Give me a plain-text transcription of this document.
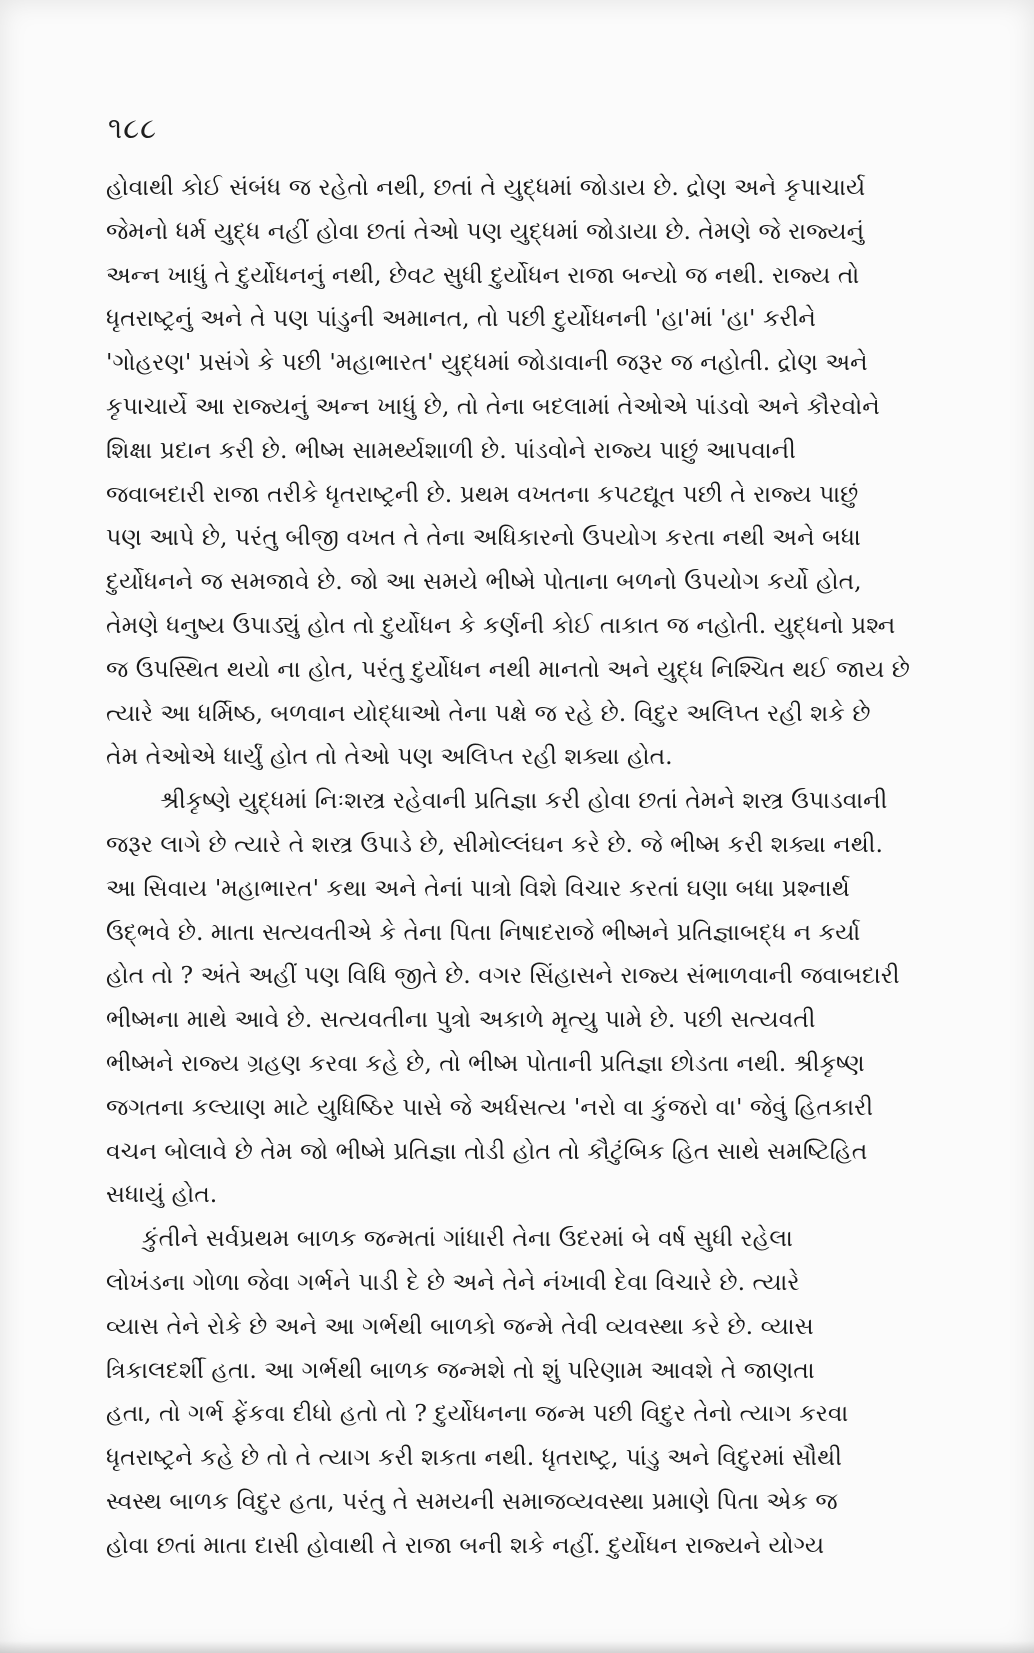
૧૮૮
હોવાથી કોઈ સંબંધ જ રહેતો નથી, છતાં તે યુદ્ધમાં જોડાય છે. દ્રોણ અને કૃપાચાર્ય
જેમનો ધર્મ યુદ્ધ નહીં હોવા છતાં તેઓ પણ યુદ્ધમાં જોડાયા છે. તેમણે જે રાજ્યનું
અન્ન ખાધું તે દુર્યોધનનું નથી, છેવટ સુધી દુર્યોધન રાજા બન્યો જ નથી. રાજ્ય તો
ધૃતરાષ્ટ્રનું અને તે પણ પાંડુની અમાનત, તો પછી દુર્યોધનની 'હા'માં 'હા' કરીને
'ગોહરણ' પ્રસંગે કે પછી 'મહાભારત' યુદ્ધમાં જોડાવાની જરૂર જ નહોતી. દ્રોણ અને
કૃપાચાર્યે આ રાજ્યનું અન્ન ખાધું છે, તો તેના બદલામાં તેઓએ પાંડવો અને કૌરવોને
શિક્ષા પ્રદાન કરી છે. ભીષ્મ સામર્થ્યશાળી છે. પાંડવોને રાજ્ય પાછું આપવાની
જવાબદારી રાજા તરીકે ધૃતરાષ્ટ્રની છે. પ્રથમ વખતના કપટદ્યૂત પછી તે રાજ્ય પાછું
પણ આપે છે, પરંતુ બીજી વખત તે તેના અધિકારનો ઉપયોગ કરતા નથી અને બધા
દુર્યોધનને જ સમજાવે છે. જો આ સમયે ભીષ્મે પોતાના બળનો ઉપયોગ કર્યો હોત,
તેમણે ધનુષ્ય ઉપાડ્યું હોત તો દુર્યોધન કે કર્ણની કોઈ તાકાત જ નહોતી. યુદ્ધનો પ્રશ્ન
જ ઉપસ્થિત થયો ના હોત, પરંતુ દુર્યોધન નથી માનતો અને યુદ્ધ નિશ્ચિત થઈ જાય છે
ત્યારે આ ધર્મિષ્ઠ, બળવાન યોદ્ધાઓ તેના પક્ષે જ રહે છે. વિદુર અલિપ્ત રહી શકે છે
તેમ તેઓએ ધાર્યું હોત તો તેઓ પણ અલિપ્ત રહી શક્યા હોત.
શ્રીકૃષ્ણે યુદ્ધમાં નિઃશસ્ત્ર રહેવાની પ્રતિજ્ઞા કરી હોવા છતાં તેમને શસ્ત્ર ઉપાડવાની
જરૂર લાગે છે ત્યારે તે શસ્ત્ર ઉપાડે છે, સીમોલ્લંઘન કરે છે. જે ભીષ્મ કરી શક્યા નથી.
આ સિવાય 'મહાભારત' કથા અને તેનાં પાત્રો વિશે વિચાર કરતાં ઘણા બધા પ્રશ્નાર્થ
ઉદ્ભવે છે. માતા સત્યવતીએ કે તેના પિતા નિષાદરાજે ભીષ્મને પ્રતિજ્ઞાબદ્ધ ન કર્યા
હોત તો ? અંતે અહીં પણ વિધિ જીતે છે. વગર સિંહાસને રાજ્ય સંભાળવાની જવાબદારી
ભીષ્મના માથે આવે છે. સત્યવતીના પુત્રો અકાળે મૃત્યુ પામે છે. પછી સત્યવતી
ભીષ્મને રાજ્ય ગ્રહણ કરવા કહે છે, તો ભીષ્મ પોતાની પ્રતિજ્ઞા છોડતા નથી. શ્રીકૃષ્ણ
જગતના કલ્યાણ માટે યુધિષ્ઠિર પાસે જે અર્ધસત્ય 'નરો વા કુંજરો વા' જેવું હિતકારી
વચન બોલાવે છે તેમ જો ભીષ્મે પ્રતિજ્ઞા તોડી હોત તો કૌટુંબિક હિત સાથે સમષ્ટિહિત
સધાયું હોત.
કુંતીને સર્વપ્રથમ બાળક જન્મતાં ગાંધારી તેના ઉદરમાં બે વર્ષ સુધી રહેલા
લોખંડના ગોળા જેવા ગર્ભને પાડી દે છે અને તેને નંખાવી દેવા વિચારે છે. ત્યારે
વ્યાસ તેને રોકે છે અને આ ગર્ભથી બાળકો જન્મે તેવી વ્યવસ્થા કરે છે. વ્યાસ
ત્રિકાલદર્શી હતા. આ ગર્ભથી બાળક જન્મશે તો શું પરિણામ આવશે તે જાણતા
હતા, તો ગર્ભ ફેંકવા દીધો હતો તો ? દુર્યોધનના જન્મ પછી વિદુર તેનો ત્યાગ કરવા
ધૃતરાષ્ટ્રને કહે છે તો તે ત્યાગ કરી શકતા નથી. ધૃતરાષ્ટ્ર, પાંડુ અને વિદુરમાં સૌથી
સ્વસ્થ બાળક વિદુર હતા, પરંતુ તે સમયની સમાજવ્યવસ્થા પ્રમાણે પિતા એક જ
હોવા છતાં માતા દાસી હોવાથી તે રાજા બની શકે નહીં. દુર્યોધન રાજ્યને યોગ્ય
